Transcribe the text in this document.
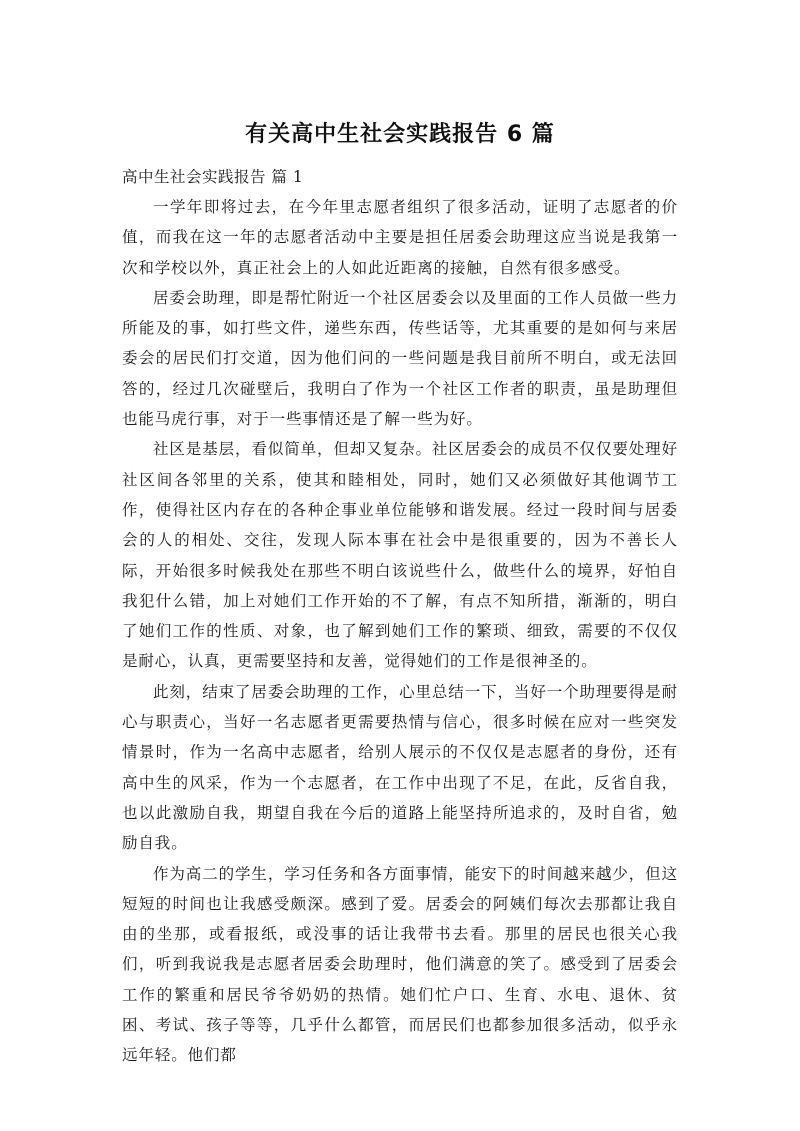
有关高中生社会实践报告 6 篇

高中生社会实践报告 篇 1

一学年即将过去，在今年里志愿者组织了很多活动，证明了志愿者的价值，而我在这一年的志愿者活动中主要是担任居委会助理这应当说是我第一次和学校以外，真正社会上的人如此近距离的接触，自然有很多感受。

居委会助理，即是帮忙附近一个社区居委会以及里面的工作人员做一些力所能及的事，如打些文件，递些东西，传些话等，尤其重要的是如何与来居委会的居民们打交道，因为他们问的一些问题是我目前所不明白，或无法回答的，经过几次碰壁后，我明白了作为一个社区工作者的职责，虽是助理但也能马虎行事，对于一些事情还是了解一些为好。

社区是基层，看似简单，但却又复杂。社区居委会的成员不仅仅要处理好社区间各邻里的关系，使其和睦相处，同时，她们又必须做好其他调节工作，使得社区内存在的各种企事业单位能够和谐发展。经过一段时间与居委会的人的相处、交往，发现人际本事在社会中是很重要的，因为不善长人际，开始很多时候我处在那些不明白该说些什么，做些什么的境界，好怕自我犯什么错，加上对她们工作开始的不了解，有点不知所措，渐渐的，明白了她们工作的性质、对象，也了解到她们工作的繁琐、细致，需要的不仅仅是耐心，认真，更需要坚持和友善，觉得她们的工作是很神圣的。

此刻，结束了居委会助理的工作，心里总结一下，当好一个助理要得是耐心与职责心，当好一名志愿者更需要热情与信心，很多时候在应对一些突发情景时，作为一名高中志愿者，给别人展示的不仅仅是志愿者的身份，还有高中生的风采，作为一个志愿者，在工作中出现了不足，在此，反省自我，也以此激励自我，期望自我在今后的道路上能坚持所追求的，及时自省，勉励自我。

作为高二的学生，学习任务和各方面事情，能安下的时间越来越少，但这短短的时间也让我感受颇深。感到了爱。居委会的阿姨们每次去那都让我自由的坐那，或看报纸，或没事的话让我带书去看。那里的居民也很关心我们，听到我说我是志愿者居委会助理时，他们满意的笑了。感受到了居委会工作的繁重和居民爷爷奶奶的热情。她们忙户口、生育、水电、退休、贫困、考试、孩子等等，几乎什么都管，而居民们也都参加很多活动，似乎永远年轻。他们都
